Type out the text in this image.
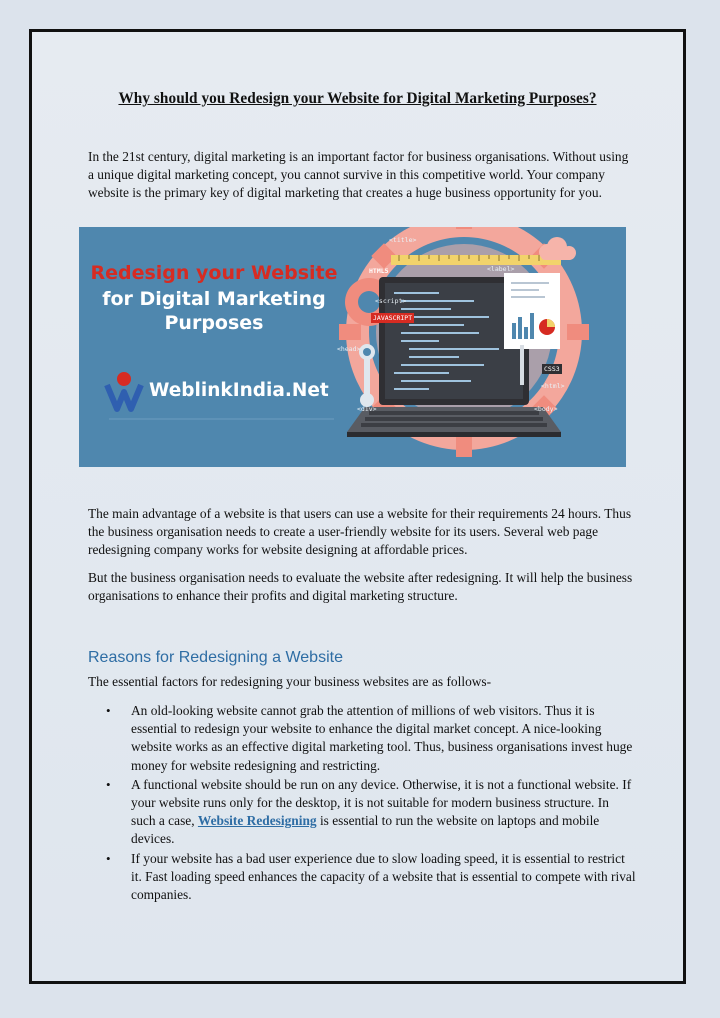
Why should you Redesign your Website for Digital Marketing Purposes?
In the 21st century, digital marketing is an important factor for business organisations. Without using a unique digital marketing concept, you cannot survive in this competitive world. Your company website is the primary key of digital marketing that creates a huge business opportunity for you.
Redesign your Website
for Digital Marketing
Purposes
WeblinkIndia.Net
<title>
<label>
HTML5
<script>
JAVASCRIPT
<head>
CSS3
<html>
<div>	<body>
The main advantage of a website is that users can use a website for their requirements 24 hours. Thus the business organisation needs to create a user-friendly website for its users. Several web page redesigning company works for website designing at affordable prices.
But the business organisation needs to evaluate the website after redesigning. It will help the business organisations to enhance their profits and digital marketing structure.
Reasons for Redesigning a Website
The essential factors for redesigning your business websites are as follows-
• An old-looking website cannot grab the attention of millions of web visitors. Thus it is essential to redesign your website to enhance the digital market concept. A nice-looking website works as an effective digital marketing tool. Thus, business organisations invest huge money for website redesigning and restricting.
• A functional website should be run on any device. Otherwise, it is not a functional website. If your website runs only for the desktop, it is not suitable for modern business structure. In such a case, Website Redesigning is essential to run the website on laptops and mobile devices.
• If your website has a bad user experience due to slow loading speed, it is essential to restrict it. Fast loading speed enhances the capacity of a website that is essential to compete with rival companies.
